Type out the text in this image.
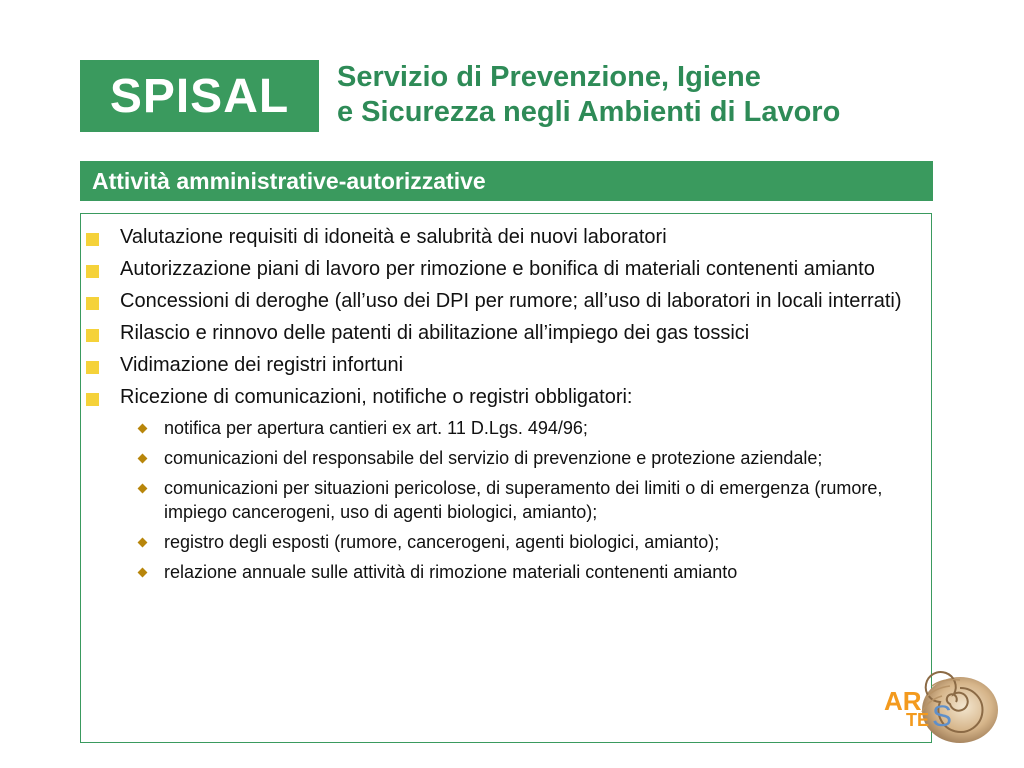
SPISAL Servizio di Prevenzione, Igiene
e Sicurezza negli Ambienti di Lavoro
Attività amministrative-autorizzative
Valutazione requisiti di idoneità e salubrità dei nuovi laboratori
Autorizzazione piani di lavoro per rimozione e bonifica di materiali contenenti amianto
Concessioni di deroghe (all’uso dei DPI per rumore; all’uso di laboratori in locali interrati)
Rilascio e rinnovo delle patenti di abilitazione all’impiego dei gas tossici
Vidimazione dei registri infortuni
Ricezione di comunicazioni, notifiche o registri obbligatori:
notifica per apertura cantieri ex art. 11 D.Lgs. 494/96;
comunicazioni del responsabile del servizio di prevenzione e protezione aziendale;
comunicazioni per situazioni pericolose, di superamento dei limiti o di emergenza (rumore, impiego cancerogeni, uso di agenti biologici, amianto);
registro degli esposti (rumore, cancerogeni, agenti biologici, amianto);
relazione annuale sulle attività di rimozione materiali contenenti amianto
AR
TE S
